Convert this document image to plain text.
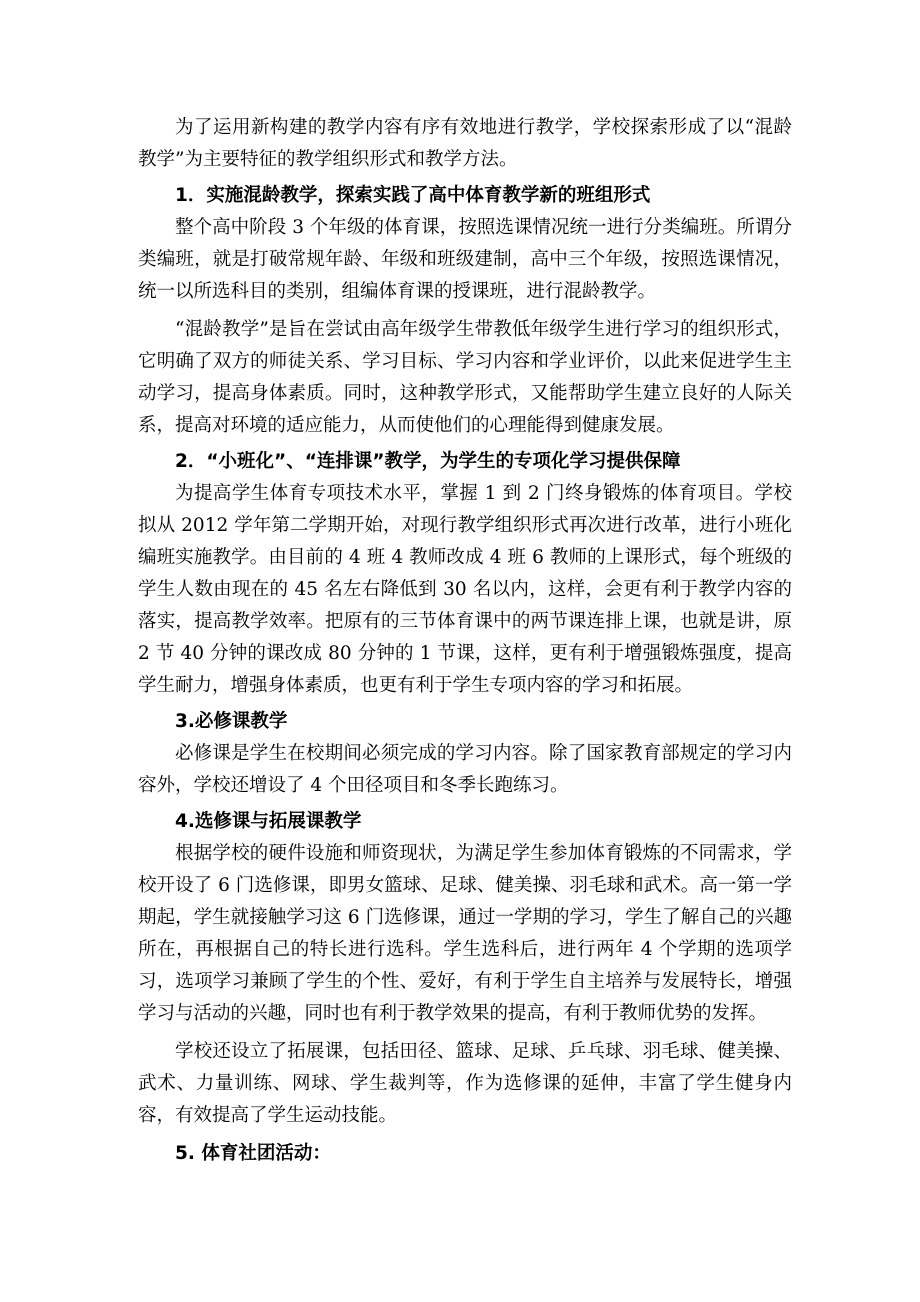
为了运用新构建的教学内容有序有效地进行教学，学校探索形成了以“混龄教学”为主要特征的教学组织形式和教学方法。

1．实施混龄教学，探索实践了高中体育教学新的班组形式

整个高中阶段 3 个年级的体育课，按照选课情况统一进行分类编班。所谓分类编班，就是打破常规年龄、年级和班级建制，高中三个年级，按照选课情况，统一以所选科目的类别，组编体育课的授课班，进行混龄教学。

“混龄教学”是旨在尝试由高年级学生带教低年级学生进行学习的组织形式，它明确了双方的师徒关系、学习目标、学习内容和学业评价，以此来促进学生主动学习，提高身体素质。同时，这种教学形式，又能帮助学生建立良好的人际关系，提高对环境的适应能力，从而使他们的心理能得到健康发展。

2．“小班化”、“连排课”教学，为学生的专项化学习提供保障

为提高学生体育专项技术水平，掌握 1 到 2 门终身锻炼的体育项目。学校拟从 2012 学年第二学期开始，对现行教学组织形式再次进行改革，进行小班化编班实施教学。由目前的 4 班 4 教师改成 4 班 6 教师的上课形式，每个班级的学生人数由现在的 45 名左右降低到 30 名以内，这样，会更有利于教学内容的落实，提高教学效率。把原有的三节体育课中的两节课连排上课，也就是讲，原 2 节 40 分钟的课改成 80 分钟的 1 节课，这样，更有利于增强锻炼强度，提高学生耐力，增强身体素质，也更有利于学生专项内容的学习和拓展。

3.必修课教学

必修课是学生在校期间必须完成的学习内容。除了国家教育部规定的学习内容外，学校还增设了 4 个田径项目和冬季长跑练习。

4.选修课与拓展课教学

根据学校的硬件设施和师资现状，为满足学生参加体育锻炼的不同需求，学校开设了 6 门选修课，即男女篮球、足球、健美操、羽毛球和武术。高一第一学期起，学生就接触学习这 6 门选修课，通过一学期的学习，学生了解自己的兴趣所在，再根据自己的特长进行选科。学生选科后，进行两年 4 个学期的选项学习，选项学习兼顾了学生的个性、爱好，有利于学生自主培养与发展特长，增强学习与活动的兴趣，同时也有利于教学效果的提高，有利于教师优势的发挥。

学校还设立了拓展课，包括田径、篮球、足球、乒乓球、羽毛球、健美操、武术、力量训练、网球、学生裁判等，作为选修课的延伸，丰富了学生健身内容，有效提高了学生运动技能。

5. 体育社团活动：
